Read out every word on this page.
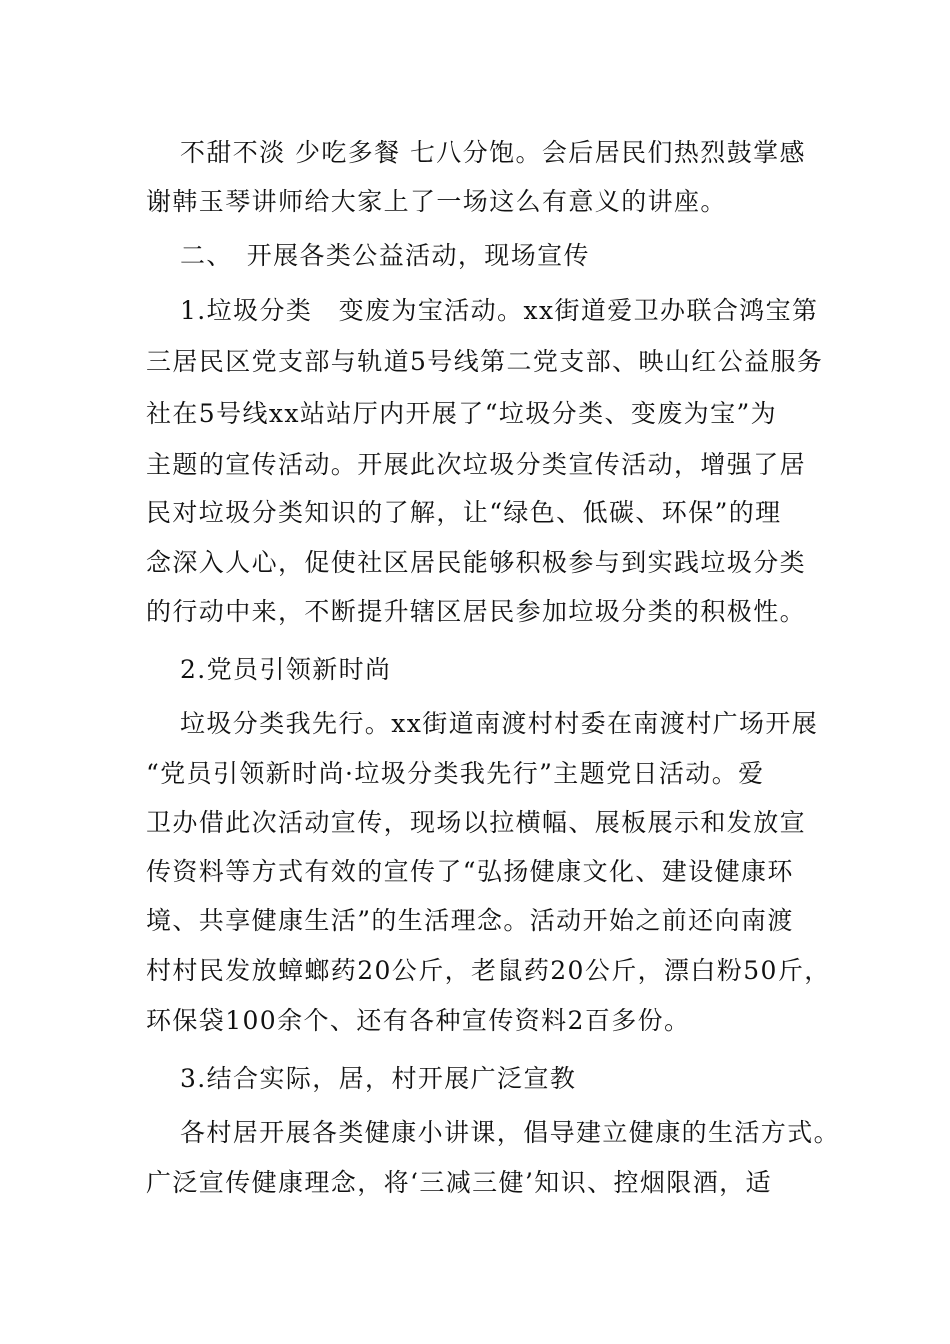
不甜不淡 少吃多餐 七八分饱。会后居民们热烈鼓掌感

谢韩玉琴讲师给大家上了一场这么有意义的讲座。

二、　开展各类公益活动，现场宣传

1.垃圾分类　变废为宝活动。xx街道爱卫办联合鸿宝第

三居民区党支部与轨道5号线第二党支部、映山红公益服务

社在5号线xx站站厅内开展了“垃圾分类、变废为宝”为

主题的宣传活动。开展此次垃圾分类宣传活动，增强了居

民对垃圾分类知识的了解，让“绿色、低碳、环保”的理

念深入人心，促使社区居民能够积极参与到实践垃圾分类

的行动中来，不断提升辖区居民参加垃圾分类的积极性。

2.党员引领新时尚

垃圾分类我先行。xx街道南渡村村委在南渡村广场开展

“党员引领新时尚·垃圾分类我先行”主题党日活动。爱

卫办借此次活动宣传，现场以拉横幅、展板展示和发放宣

传资料等方式有效的宣传了“弘扬健康文化、建设健康环

境、共享健康生活”的生活理念。活动开始之前还向南渡

村村民发放蟑螂药20公斤，老鼠药20公斤，漂白粉50斤，

环保袋100余个、还有各种宣传资料2百多份。

3.结合实际，居，村开展广泛宣教

各村居开展各类健康小讲课，倡导建立健康的生活方式。

广泛宣传健康理念，将‘三减三健’知识、控烟限酒，适
